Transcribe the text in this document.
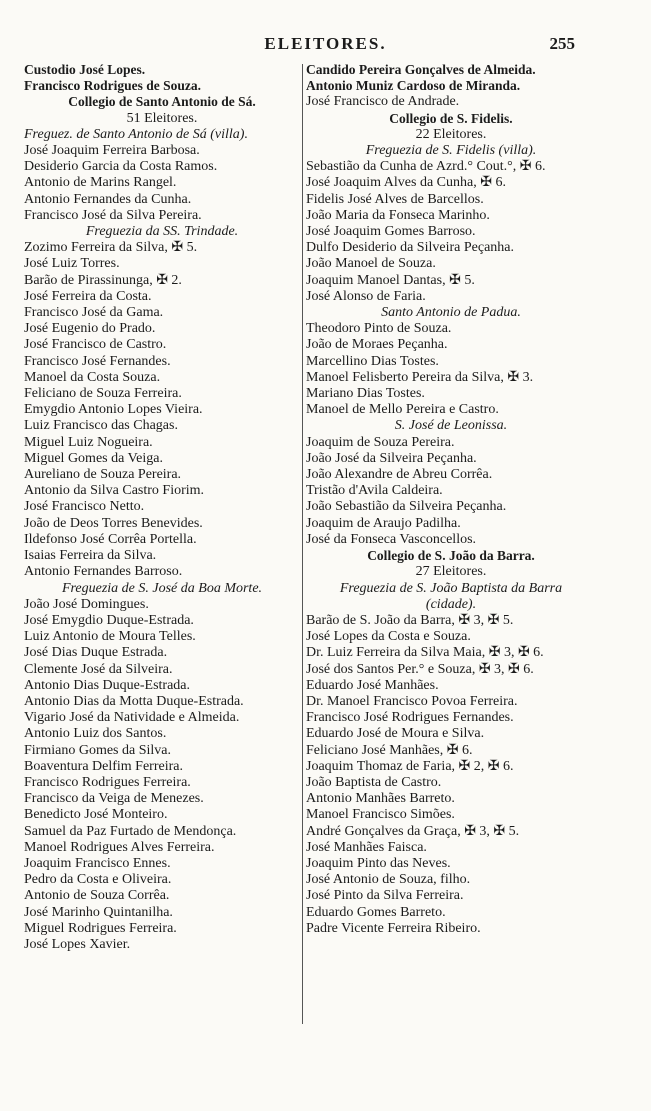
ELEITORES.	255
Custodio José Lopes.
Francisco Rodrigues de Souza.
Collegio de Santo Antonio de Sá.
51 Eleitores.
Freguez. de Santo Antonio de Sá (villa).
José Joaquim Ferreira Barbosa.
Desiderio Garcia da Costa Ramos.
Antonio de Marins Rangel.
Antonio Fernandes da Cunha.
Francisco José da Silva Pereira.
Freguezia da SS. Trindade.
Zozimo Ferreira da Silva, ✠ 5.
José Luiz Torres.
Barão de Pirassinunga, ✠ 2.
José Ferreira da Costa.
Francisco José da Gama.
José Eugenio do Prado.
José Francisco de Castro.
Francisco José Fernandes.
Manoel da Costa Souza.
Feliciano de Souza Ferreira.
Emygdio Antonio Lopes Vieira.
Luiz Francisco das Chagas.
Miguel Luiz Nogueira.
Miguel Gomes da Veiga.
Aureliano de Souza Pereira.
Antonio da Silva Castro Fiorim.
José Francisco Netto.
João de Deos Torres Benevides.
Ildefonso José Corrêa Portella.
Isaias Ferreira da Silva.
Antonio Fernandes Barroso.
Freguezia de S. José da Boa Morte.
João José Domingues.
José Emygdio Duque-Estrada.
Luiz Antonio de Moura Telles.
José Dias Duque Estrada.
Clemente José da Silveira.
Antonio Dias Duque-Estrada.
Antonio Dias da Motta Duque-Estrada.
Vigario José da Natividade e Almeida.
Antonio Luiz dos Santos.
Firmiano Gomes da Silva.
Boaventura Delfim Ferreira.
Francisco Rodrigues Ferreira.
Francisco da Veiga de Menezes.
Benedicto José Monteiro.
Samuel da Paz Furtado de Mendonça.
Manoel Rodrigues Alves Ferreira.
Joaquim Francisco Ennes.
Pedro da Costa e Oliveira.
Antonio de Souza Corrêa.
José Marinho Quintanilha.
Miguel Rodrigues Ferreira.
José Lopes Xavier.
Candido Pereira Gonçalves de Almeida.
Antonio Muniz Cardoso de Miranda.
José Francisco de Andrade.
Collegio de S. Fidelis.
22 Eleitores.
Freguezia de S. Fidelis (villa).
Sebastião da Cunha de Azrd.° Cout.°, ✠ 6.
José Joaquim Alves da Cunha, ✠ 6.
Fidelis José Alves de Barcellos.
João Maria da Fonseca Marinho.
José Joaquim Gomes Barroso.
Dulfo Desiderio da Silveira Peçanha.
João Manoel de Souza.
Joaquim Manoel Dantas, ✠ 5.
José Alonso de Faria.
Santo Antonio de Padua.
Theodoro Pinto de Souza.
João de Moraes Peçanha.
Marcellino Dias Tostes.
Manoel Felisberto Pereira da Silva, ✠ 3.
Mariano Dias Tostes.
Manoel de Mello Pereira e Castro.
S. José de Leonissa.
Joaquim de Souza Pereira.
João José da Silveira Peçanha.
João Alexandre de Abreu Corrêa.
Tristão d'Avila Caldeira.
João Sebastião da Silveira Peçanha.
Joaquim de Araujo Padilha.
José da Fonseca Vasconcellos.
Collegio de S. João da Barra.
27 Eleitores.
Freguezia de S. João Baptista da Barra
(cidade).
Barão de S. João da Barra, ✠ 3, ✠ 5.
José Lopes da Costa e Souza.
Dr. Luiz Ferreira da Silva Maia, ✠ 3, ✠ 6.
José dos Santos Per.° e Souza, ✠ 3, ✠ 6.
Eduardo José Manhães.
Dr. Manoel Francisco Povoa Ferreira.
Francisco José Rodrigues Fernandes.
Eduardo José de Moura e Silva.
Feliciano José Manhães, ✠ 6.
Joaquim Thomaz de Faria, ✠ 2, ✠ 6.
João Baptista de Castro.
Antonio Manhães Barreto.
Manoel Francisco Simões.
André Gonçalves da Graça, ✠ 3, ✠ 5.
José Manhães Faisca.
Joaquim Pinto das Neves.
José Antonio de Souza, filho.
José Pinto da Silva Ferreira.
Eduardo Gomes Barreto.
Padre Vicente Ferreira Ribeiro.
